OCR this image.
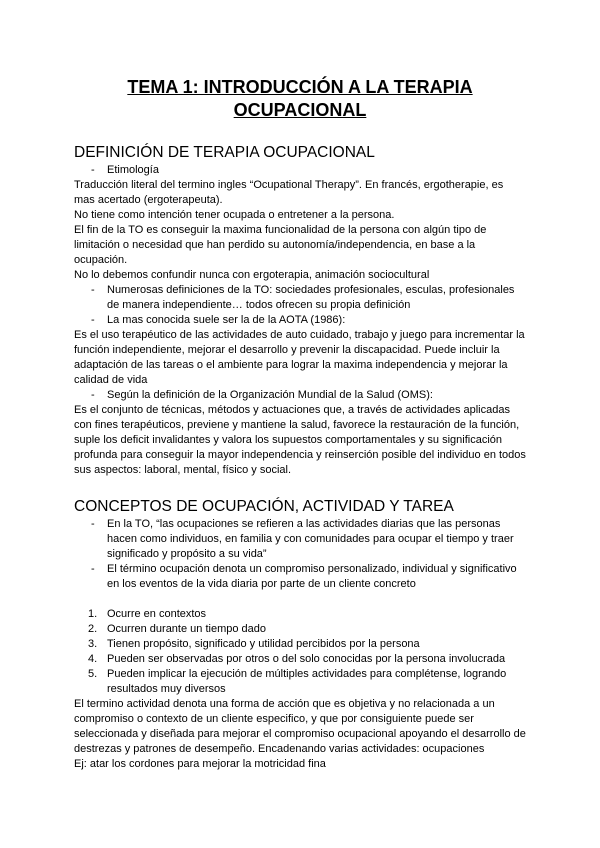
TEMA 1: INTRODUCCIÓN A LA TERAPIA
OCUPACIONAL
DEFINICIÓN DE TERAPIA OCUPACIONAL
- Etimología

Traducción literal del termino ingles “Ocupational Therapy”. En francés, ergotherapie, es mas acertado (ergoterapeuta).

No tiene como intención tener ocupada o entretener a la persona.

El fin de la TO es conseguir la maxima funcionalidad de la persona con algún tipo de limitación o necesidad que han perdido su autonomía/independencia, en base a la ocupación.

No lo debemos confundir nunca con ergoterapia, animación sociocultural

- Numerosas definiciones de la TO: sociedades profesionales, esculas, profesionales de manera independiente… todos ofrecen su propia definición
- La mas conocida suele ser la de la AOTA (1986):

Es el uso terapéutico de las actividades de auto cuidado, trabajo y juego para incrementar la función independiente, mejorar el desarrollo y prevenir la discapacidad. Puede incluir la adaptación de las tareas o el ambiente para lograr la maxima independencia y mejorar la calidad de vida

- Según la definición de la Organización Mundial de la Salud (OMS):

Es el conjunto de técnicas, métodos y actuaciones que, a través de actividades aplicadas con fines terapéuticos, previene y mantiene la salud, favorece la restauración de la función, suple los deficit invalidantes y valora los supuestos comportamentales y su significación profunda para conseguir la mayor independencia y reinserción posible del individuo en todos sus aspectos: laboral, mental, físico y social.

CONCEPTOS DE OCUPACIÓN, ACTIVIDAD Y TAREA
- En la TO, “las ocupaciones se refieren a las actividades diarias que las personas hacen como individuos, en familia y con comunidades para ocupar el tiempo y traer significado y propósito a su vida”
- El término ocupación denota un compromiso personalizado, individual y significativo en los eventos de la vida diaria por parte de un cliente concreto
1. Ocurre en contextos
2. Ocurren durante un tiempo dado
3. Tienen propósito, significado y utilidad percibidos por la persona
4. Pueden ser observadas por otros o del solo conocidas por la persona involucrada
5. Pueden implicar la ejecución de múltiples actividades para complétense, logrando resultados muy diversos

El termino actividad denota una forma de acción que es objetiva y no relacionada a un compromiso o contexto de un cliente especifico, y que por consiguiente puede ser seleccionada y diseñada para mejorar el compromiso ocupacional apoyando el desarrollo de destrezas y patrones de desempeño. Encadenando varias actividades: ocupaciones

Ej: atar los cordones para mejorar la motricidad fina
